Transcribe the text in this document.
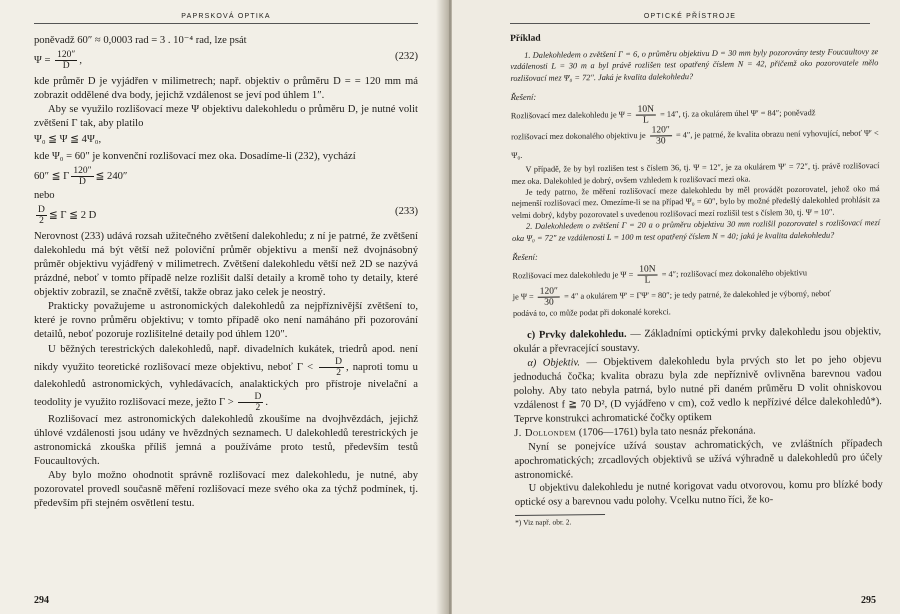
PAPRSKOVÁ OPTIKA

poněvadž 60″ ≈ 0,0003 rad = 3 . 10⁻⁴ rad, lze psát

$\Psi = \frac{120''}{D}$ ,	(232)

kde průměr D je vyjádřen v milimetrech; např. objektiv o průměru D = = 120 mm má zobrazit oddělené dva body, jejichž vzdálenost se jeví pod úhlem 1″.

Aby se využilo rozlišovací meze Ψ objektivu dalekohledu o průměru D, je nutné volit zvětšení Γ tak, aby platilo

Ψ₀ ≦ Ψ ≦ 4Ψ₀,

kde Ψ₀ = 60″ je konvenční rozlišovací mez oka. Dosadíme-li (232), vychází

60″ ≦ Γ $\frac{120''}{D}$ ≦ 240″

nebo

$\frac{D}{2}$ ≦ Γ ≦ 2 D	(233)

Nerovnost (233) udává rozsah užitečného zvětšení dalekohledu; z ní je patrné, že zvětšení dalekohledu má být větší než poloviční průměr objektivu a menší než dvojnásobný průměr objektivu vyjádřený v milimetrech. Zvětšení dalekohledu větší než 2D se nazývá prázdné, neboť v tomto případě nelze rozlišit další detaily a kromě toho ty detaily, které objektiv zobrazil, se značně zvětší, takže obraz jako celek je neostrý.

Prakticky považujeme u astronomických dalekohledů za nejpříznivější zvětšení to, které je rovno průměru objektivu; v tomto případě oko není namáháno při pozorování detailů, neboť pozoruje rozlišitelné detaily pod úhlem 120″.

U běžných terestrických dalekohledů, např. divadelních kukátek, triedrů apod. není nikdy využito teoretické rozlišovací meze objektivu, neboť $\Gamma < \frac{D}{2}$ , naproti tomu u dalekohledů astronomických, vyhledávacích, analaktických pro přístroje nivelační a teodolity je využito rozlišovací meze, ježto $\Gamma > \frac{D}{2}$ .

Rozlišovací mez astronomických dalekohledů zkoušíme na dvojhvězdách, jejichž úhlové vzdálenosti jsou udány ve hvězdných seznamech. U dalekohledů terestrických je astronomická zkouška příliš jemná a používáme proto testů, především testů Foucaultových.

Aby bylo možno ohodnotit správně rozlišovací mez dalekohledu, je nutné, aby pozorovatel provedl současně měření rozlišovací meze svého oka za týchž podmínek, tj. především při stejném osvětlení testu.

294
OPTICKÉ PŘÍSTROJE
Příklad

1. Dalekohledem o zvětšení Γ = 6, o průměru objektivu D = 30 mm byly pozorovány testy Foucaultovy ze vzdálenosti L = 30 m a byl právě rozlišen test opatřený číslem N = 42, přičemž oko pozorovatele mělo rozlišovací mez Ψ₀ = 72″. Jaká je kvalita dalekohledu?

Řešení:

Rozlišovací mez dalekohledu je $\Psi = \frac{10N}{L} = 14''$, tj. za okulárem úhel Ψ′ = 84″; poněvadž

rozlišovací mez dokonalého objektivu je $\frac{120''}{30} = 4''$, je patrné, že kvalita obrazu není vyhovující, neboť Ψ′ < Ψ₀.

V případě, že by byl rozlišen test s číslem 36, tj. Ψ = 12″, je za okulárem Ψ′ = 72″, tj. právě rozlišovací mez oka. Dalekohled je dobrý, ovšem vzhledem k rozlišovací mezi oka.

Je tedy patrno, že měření rozlišovací meze dalekohledu by měl provádět pozorovatel, jehož oko má nejmenší rozlišovací mez. Omezíme-li se na případ Ψ₀ = 60″, bylo by možné předešlý dalekohled prohlásit za velmi dobrý, kdyby pozorovatel s uvedenou rozlišovací mezí rozlišil test s číslem 30, tj. Ψ = 10″.

2. Dalekohledem o zvětšení Γ = 20 a o průměru objektivu 30 mm rozlišil pozorovatel s rozlišovací mezí oka Ψ₀ = 72″ ze vzdálenosti L = 100 m test opatřený číslem N = 40; jaká je kvalita dalekohledu?

Řešení:

Rozlišovací mez dalekohledu je $\Psi = \frac{10N}{L} = 4''$; rozlišovací mez dokonalého objektivu

je $\Psi = \frac{120''}{30} = 4''$ a okulárem Ψ′ = ΓΨ′ = 80″; je tedy patrné, že dalekohled je výborný, neboť

podává to, co může podat při dokonalé korekci.

c) Prvky dalekohledu. — Základními optickými prvky dalekohledu jsou objektiv, okulár a převracející soustavy.

α) Objektiv. — Objektivem dalekohledu byla prvých sto let po jeho objevu jednoduchá čočka; kvalita obrazu byla zde nepříznivě ovlivněna barevnou vadou polohy. Aby tato nebyla patrná, bylo nutné při daném průměru D volit ohniskovou vzdálenost f ≧ 70 D², (D vyjádřeno v cm), což vedlo k nepřízivé délce dalekohledů*). Teprve konstrukci achromatické čočky optikem

J. Dollondem (1706—1761) byla tato nesnáz překonána.

Nyní se ponejvíce užívá soustav achromatických, ve zvláštních případech apochromatických; zrcadlových objektivů se užívá výhradně u dalekohledů pro účely astronomické.

U objektivu dalekohledu je nutné korigovat vadu otvorovou, komu pro blízké body optické osy a barevnou vadu polohy. Vcelku nutno říci, že ko-

*) Viz např. obr. 2.
295
